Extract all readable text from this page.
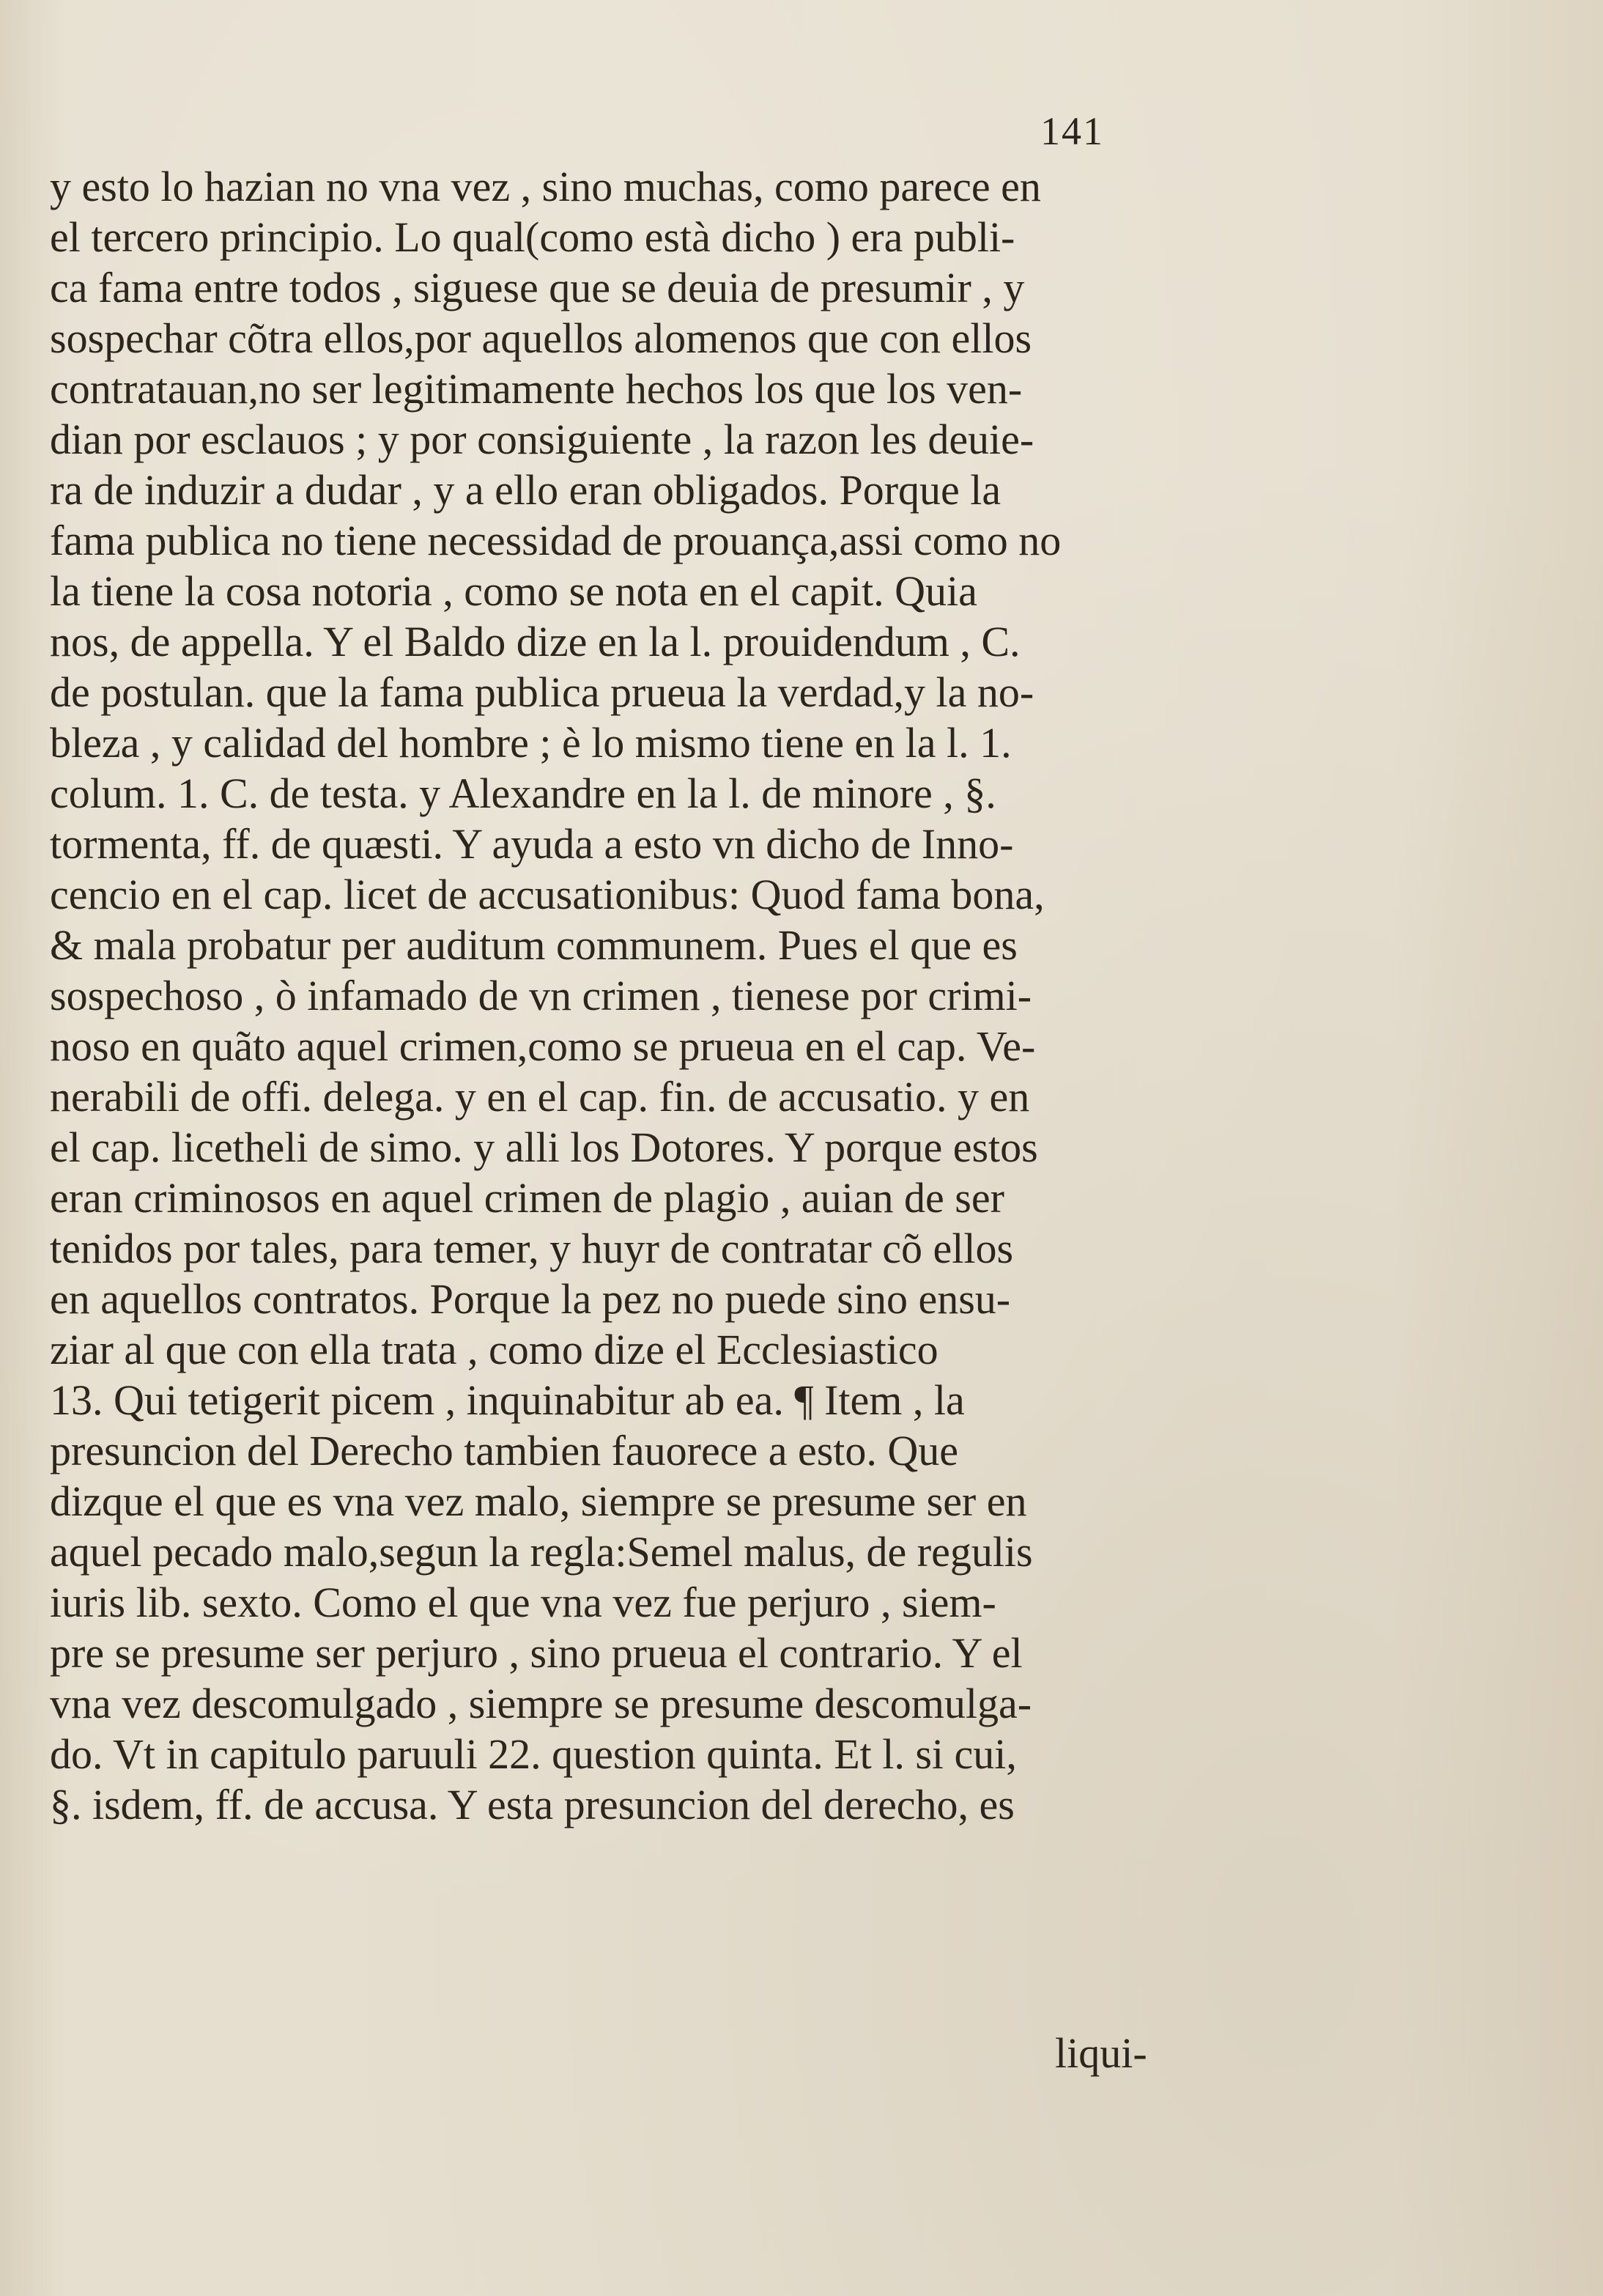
141
y esto lo hazian no vna vez , sino muchas, como parece en
el tercero principio. Lo qual(como està dicho ) era publi-
ca fama entre todos , siguese que se deuia de presumir , y
sospechar cõtra ellos,por aquellos alomenos que con ellos
contratauan,no ser legitimamente hechos los que los ven-
dian por esclauos ; y por consiguiente , la razon les deuie-
ra de induzir a dudar , y a ello eran obligados. Porque la
fama publica no tiene necessidad de prouança,assi como no
la tiene la cosa notoria , como se nota en el capit. Quia
nos, de appella. Y el Baldo dize en la l. prouidendum , C.
de postulan. que la fama publica prueua la verdad,y la no-
bleza , y calidad del hombre ; è lo mismo tiene en la l. 1.
colum. 1. C. de testa. y Alexandre en la l. de minore , §.
tormenta, ff. de quæsti. Y ayuda a esto vn dicho de Inno-
cencio en el cap. licet de accusationibus: Quod fama bona,
& mala probatur per auditum communem. Pues el que es
sospechoso , ò infamado de vn crimen , tienese por crimi-
noso en quãto aquel crimen,como se prueua en el cap. Ve-
nerabili de offi. delega. y en el cap. fin. de accusatio. y en
el cap. licetheli de simo. y alli los Dotores. Y porque estos
eran criminosos en aquel crimen de plagio , auian de ser
tenidos por tales, para temer, y huyr de contratar cõ ellos
en aquellos contratos. Porque la pez no puede sino ensu-
ziar al que con ella trata , como dize el Ecclesiastico
13. Qui tetigerit picem , inquinabitur ab ea. ¶ Item , la
presuncion del Derecho tambien fauorece a esto. Que
dizque el que es vna vez malo, siempre se presume ser en
aquel pecado malo,segun la regla:Semel malus, de regulis
iuris lib. sexto. Como el que vna vez fue perjuro , siem-
pre se presume ser perjuro , sino prueua el contrario. Y el
vna vez descomulgado , siempre se presume descomulga-
do. Vt in capitulo paruuli 22. question quinta. Et l. si cui,
§. isdem, ff. de accusa. Y esta presuncion del derecho, es
liqui-
